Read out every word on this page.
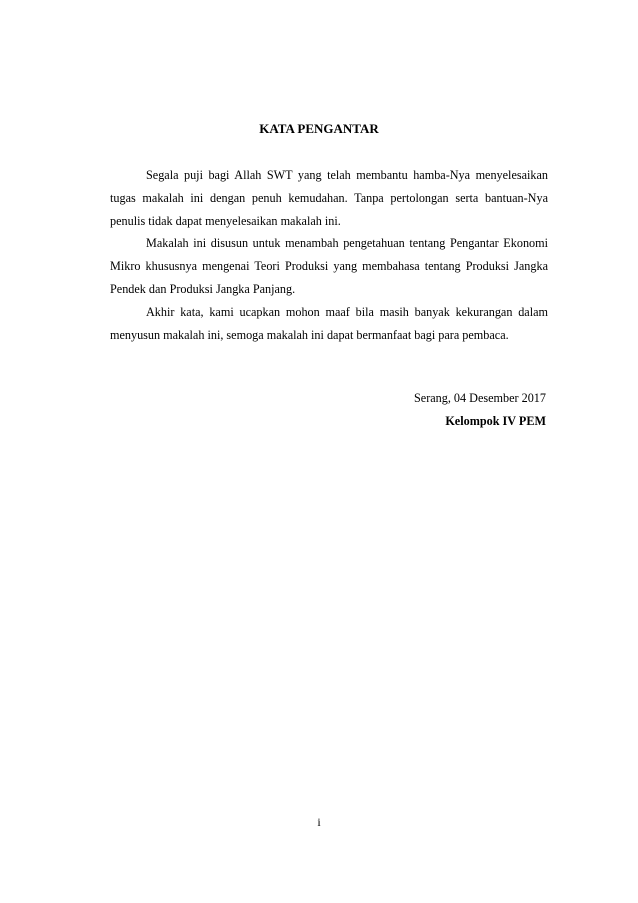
KATA PENGANTAR

Segala puji bagi Allah SWT yang telah membantu hamba-Nya menyelesaikan tugas makalah ini dengan penuh kemudahan. Tanpa pertolongan serta bantuan-Nya penulis tidak dapat menyelesaikan makalah ini.

Makalah ini disusun untuk menambah pengetahuan tentang Pengantar Ekonomi Mikro khususnya mengenai Teori Produksi yang membahasa tentang Produksi Jangka Pendek dan Produksi Jangka Panjang.

Akhir kata, kami ucapkan mohon maaf bila masih banyak kekurangan dalam menyusun makalah ini, semoga makalah ini dapat bermanfaat bagi para pembaca.

Serang, 04 Desember 2017
Kelompok IV PEM
i
